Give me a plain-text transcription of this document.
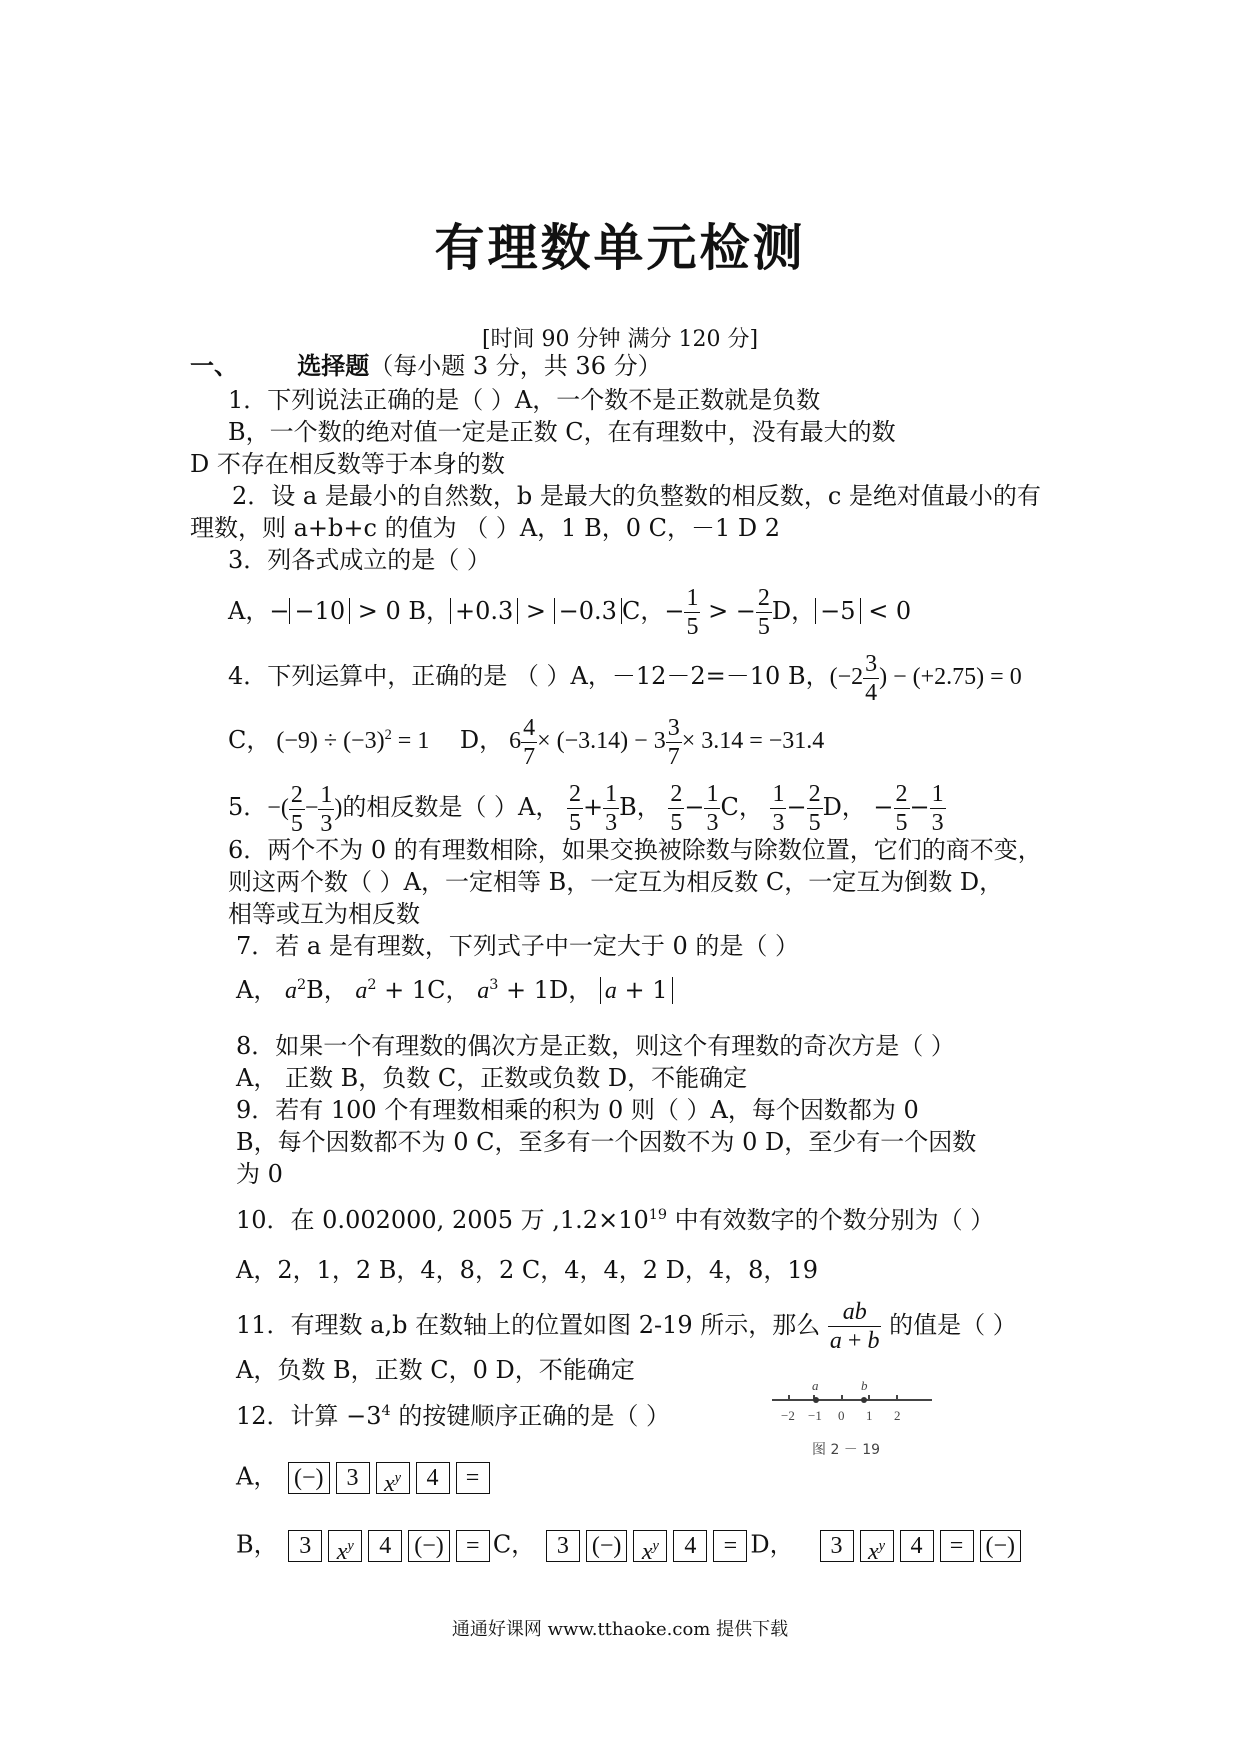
有理数单元检测
[时间 90 分钟 满分 120 分]
一、 选择题（每小题 3 分，共 36 分）
1．下列说法正确的是（ ）A，一个数不是正数就是负数
B，一个数的绝对值一定是正数 C，在有理数中，没有最大的数
D 不存在相反数等于本身的数
2．设 a 是最小的自然数，b 是最大的负整数的相反数，c 是绝对值最小的有
理数，则 a+b+c 的值为 （ ）A，1 B，0 C，－1 D 2
3．列各式成立的是（ ）
A，− −10 > 0 B， +0.3 > −0.3 C，− $\frac{1}{5}$ > − $\frac{2}{5}$ D， −5 < 0
4．下列运算中，正确的是 （ ）A，－12－2=－10 B，($-2 \frac{3}{4}$ ) − (+2.75) = 0
C， $(-9) \div (-3)^2 = 1$ D， $6 \frac{4}{7} \times (-3.14) - 3 \frac{3}{7} \times 3.14 = -31.4$
5．−( $\frac{2}{5} - \frac{1}{3}$ )的相反数是（ ）A， $\frac{2}{5} + \frac{1}{3}$ B， $\frac{2}{5} - \frac{1}{3}$ C， $\frac{1}{3} - \frac{2}{5}$ D， − $\frac{2}{5} - \frac{1}{3}$
6．两个不为 0 的有理数相除，如果交换被除数与除数位置，它们的商不变，
则这两个数（ ）A，一定相等 B，一定互为相反数 C，一定互为倒数 D，
相等或互为相反数
7．若 a 是有理数，下列式子中一定大于 0 的是（ ）
A， $a^2B$， $a^2 + 1C$， $a^3 + 1D$， a + 1
8．如果一个有理数的偶次方是正数，则这个有理数的奇次方是（ ）
A， 正数 B，负数 C，正数或负数 D，不能确定
9．若有 100 个有理数相乘的积为 0 则（ ）A，每个因数都为 0
B，每个因数都不为 0 C，至多有一个因数不为 0 D，至少有一个因数
为 0
10．在 0.002000, 2005 万 $,1.2\times 10^{19}$ 中有效数字的个数分别为（ ）
A，2，1，2 B，4，8，2 C，4，4，2 D，4，8，19
11．有理数 a,b 在数轴上的位置如图 2-19 所示，那么 $\frac{ab}{a + b}$ 的值是（ ）
A，负数 B，正数 C，0 D，不能确定
a	b
−2 −1 0 1 2
图 2 － 19
12．计算 $-3^4$ 的按键顺序正确的是（ ）
A， (−) 3 $x^y$ 4 =
B， 3 $x^y$ 4 (−) = C， 3 (−) $x^y$ 4 = D， 3 $x^y$ 4 = (−)
通通好课网 www.tthaoke.com 提供下载
